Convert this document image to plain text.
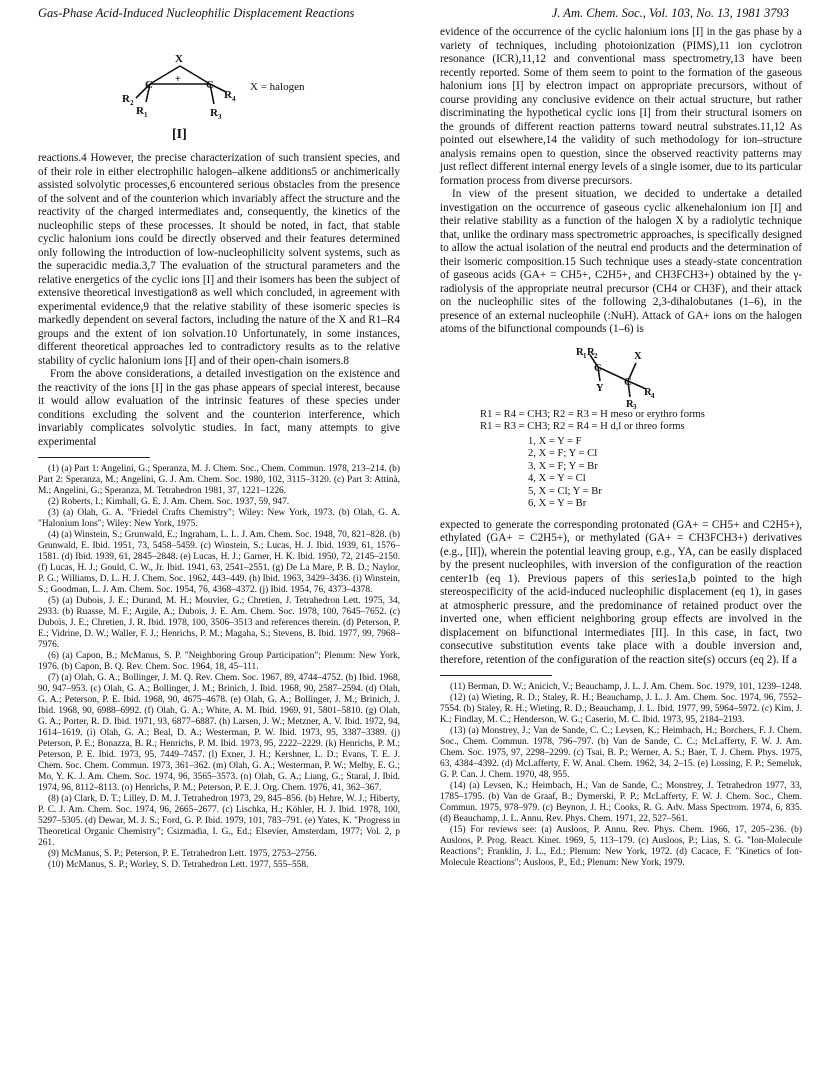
Gas-Phase Acid-Induced Nucleophilic Displacement Reactions	J. Am. Chem. Soc., Vol. 103, No. 13, 1981 3793
X
+
C	C
R 2
R 1
R 4
R 3
X = halogen
[I]

reactions.4 However, the precise characterization of such transient species, and of their role in either electrophilic halogen–alkene additions5 or anchimerically assisted solvolytic processes,6 encountered serious obstacles from the presence of the solvent and of the counterion which invariably affect the structure and the reactivity of the charged intermediates and, consequently, the kinetics of the nucleophilic steps of these processes. It should be noted, in fact, that stable cyclic halonium ions could be directly observed and their features determined only following the introduction of low-nucleophilicity solvent systems, such as the superacidic media.3,7 The evaluation of the structural parameters and the relative energetics of the cyclic ions [I] and their isomers has been the subject of extensive theoretical investigation8 as well which concluded, in agreement with experimental evidence,9 that the relative stability of these isomeric species is markedly dependent on several factors, including the nature of the X and R1–R4 groups and the extent of ion solvation.10 Unfortunately, in some instances, different theoretical approaches led to contradictory results as to the relative stability of cyclic halonium ions [I] and of their open-chain isomers.8

From the above considerations, a detailed investigation on the existence and the reactivity of the ions [I] in the gas phase appears of special interest, because it would allow evaluation of the intrinsic features of these species under conditions excluding the solvent and the counterion interference, which invariably complicates solvolytic studies. In fact, many attempts to give experimental

(1) (a) Part 1: Angelini, G.; Speranza, M. J. Chem. Soc., Chem. Commun. 1978, 213–214. (b) Part 2: Speranza, M.; Angelini, G. J. Am. Chem. Soc. 1980, 102, 3115–3120. (c) Part 3: Attinà, M.; Angelini, G.; Speranza, M. Tetrahedron 1981, 37, 1221–1226.
(2) Roberts, I.; Kimball, G. E. J. Am. Chem. Soc. 1937, 59, 947.
(3) (a) Olah, G. A. "Friedel Crafts Chemistry"; Wiley: New York, 1973. (b) Olah, G. A. "Halonium Ions"; Wiley: New York, 1975.
(4) (a) Winstein, S.; Grunwald, E.; Ingraham, L. L. J. Am. Chem. Soc. 1948, 70, 821–828. (b) Grunwald, E. Ibid. 1951, 73, 5458–5459. (c) Winstein, S.; Lucas, H. J. Ibid. 1939, 61, 1576–1581. (d) Ibid. 1939, 61, 2845–2848. (e) Lucas, H. J.; Garner, H. K. Ibid. 1950, 72, 2145–2150. (f) Lucas, H. J.; Gould, C. W., Jr. Ibid. 1941, 63, 2541–2551. (g) De La Mare, P. B. D.; Naylor, P. G.; Williams, D. L. H. J. Chem. Soc. 1962, 443–449. (h) Ibid. 1963, 3429–3436. (i) Winstein, S.; Goodman, L. J. Am. Chem. Soc. 1954, 76, 4368–4372. (j) Ibid. 1954, 76, 4373–4378.
(5) (a) Dubois, J. E.; Durand, M. H.; Mouvier, G.; Chretien, J. Tetrahedron Lett. 1975, 34, 2933. (b) Ruasse, M. F.; Argile, A.; Dubois, J. E. Am. Chem. Soc. 1978, 100, 7645–7652. (c) Dubois, J. E.; Chretien, J. R. Ibid. 1978, 100, 3506–3513 and references therein. (d) Peterson, P. E.; Vidrine, D. W.; Waller, F. J.; Henrichs, P. M.; Magaha, S.; Stevens, B. Ibid. 1977, 99, 7968–7976.
(6) (a) Capon, B.; McManus, S. P. "Neighboring Group Participation"; Plenum: New York, 1976. (b) Capon, B. Q. Rev. Chem. Soc. 1964, 18, 45–111.
(7) (a) Olah, G. A.; Bollinger, J. M. Q. Rev. Chem. Soc. 1967, 89, 4744–4752. (b) Ibid. 1968, 90, 947–953. (c) Olah, G. A.; Bollinger, J. M.; Brinich, J. Ibid. 1968, 90, 2587–2594. (d) Olah, G. A.; Peterson, P. E. Ibid. 1968, 90, 4675–4678. (e) Olah, G. A.; Bollinger, J. M.; Brinich, J. Ibid. 1968, 90, 6988–6992. (f) Olah, G. A.; White, A. M. Ibid. 1969, 91, 5801–5810. (g) Olah, G. A.; Porter, R. D. Ibid. 1971, 93, 6877–6887. (h) Larsen, J. W.; Metzner, A. V. Ibid. 1972, 94, 1614–1619. (i) Olah, G. A.; Beal, D. A.; Westerman, P. W. Ibid. 1973, 95, 3387–3389. (j) Peterson, P. E.; Bonazza, B. R.; Henrichs, P. M. Ibid. 1973, 95, 2222–2229. (k) Henrichs, P. M.; Peterson, P. E. Ibid. 1973, 95, 7449–7457. (l) Exner, J. H.; Kershner, L. D.; Evans, T. E. J. Chem. Soc. Chem. Commun. 1973, 361–362. (m) Olah, G. A.; Westerman, P. W.; Melby, E. G.; Mo, Y. K. J. Am. Chem. Soc. 1974, 96, 3565–3573. (n) Olah, G. A.; Liang, G.; Staral, J. Ibid. 1974, 96, 8112–8113. (o) Henrichs, P. M.; Peterson, P. E. J. Org. Chem. 1976, 41, 362–367.
(8) (a) Clark, D. T.; Lilley, D. M. J. Tetrahedron 1973, 29, 845–856. (b) Hehre, W. J.; Hiberty, P. C. J. Am. Chem. Soc. 1974, 96, 2665–2677. (c) Lischka, H.; Köhler, H. J. Ibid. 1978, 100, 5297–5305. (d) Dewar, M. J. S.; Ford, G. P. Ibid. 1979, 101, 783–791. (e) Yates, K. "Progress in Theoretical Organic Chemistry"; Csizmadia, I. G., Ed.; Elsevier, Amsterdam, 1977; Vol. 2, p 261.
(9) McManus, S. P.; Peterson, P. E. Tetrahedron Lett. 1975, 2753–2756.
(10) McManus, S. P.; Worley, S. D. Tetrahedron Lett. 1977, 555–558.

evidence of the occurrence of the cyclic halonium ions [I] in the gas phase by a variety of techniques, including photoionization (PIMS),11 ion cyclotron resonance (ICR),11,12 and conventional mass spectrometry,13 have been recently reported. Some of them seem to point to the formation of the gaseous halonium ions [I] by electron impact on appropriate precursors, without of course providing any conclusive evidence on their actual structure, but rather discriminating the hypothetical cyclic ions [I] from their structural isomers on the grounds of different reaction patterns toward neutral substrates.11,12 As pointed out elsewhere,14 the validity of such methodology for ion–structure analysis remains open to question, since the observed reactivity patterns may just reflect different internal energy levels of a single isomer, due to its particular formation process from diverse precursors.

In view of the present situation, we decided to undertake a detailed investigation on the occurrence of gaseous cyclic alkenehalonium ion [I] and their relative stability as a function of the halogen X by a radiolytic technique that, unlike the ordinary mass spectrometric approaches, is specifically designed to allow the actual isolation of the neutral end products and the determination of their isomeric composition.15 Such technique uses a steady-state concentration of gaseous acids (GA+ = CH5+, C2H5+, and CH3FCH3+) obtained by the γ-radiolysis of the appropriate neutral precursor (CH4 or CH3F), and their attack on the nucleophilic sites of the following 2,3-dihalobutanes (1–6), in the presence of an external nucleophile (:NuH). Attack of GA+ ions on the halogen atoms of the bifunctional compounds (1–6) is

R 1 R 2
C
Y
C
X
R 4
R 3
R1 = R4 = CH3; R2 = R3 = H meso or erythro forms
R1 = R3 = CH3; R2 = R4 = H d,l or threo forms
1, X = Y = F
2, X = F; Y = Cl
3, X = F; Y = Br
4, X = Y = Cl
5, X = Cl; Y = Br
6, X = Y = Br

expected to generate the corresponding protonated (GA+ = CH5+ and C2H5+), ethylated (GA+ = C2H5+), or methylated (GA+ = CH3FCH3+) derivatives (e.g., [II]), wherein the potential leaving group, e.g., YA, can be easily displaced by the present nucleophiles, with inversion of the configuration of the reaction center1b (eq 1). Previous papers of this series1a,b pointed to the high stereospecificity of the acid-induced nucleophilic displacement (eq 1), in gases at atmospheric pressure, and the predominance of retained product over the inverted one, when efficient neighboring group effects are involved in the displacement on bifunctional intermediates [II]. In this case, in fact, two consecutive substitution events take place with a double inversion and, therefore, retention of the configuration of the reaction site(s) occurs (eq 2). If a

(11) Berman, D. W.; Anicich, V.; Beauchamp, J. L. J. Am. Chem. Soc. 1979, 101, 1239–1248.
(12) (a) Wieting, R. D.; Staley, R. H.; Beauchamp, J. L. J. Am. Chem. Soc. 1974, 96, 7552–7554. (b) Staley, R. H.; Wieting, R. D.; Beauchamp, J. L. Ibid. 1977, 99, 5964–5972. (c) Kim, J. K.; Findlay, M. C.; Henderson, W. G.; Caserio, M. C. Ibid. 1973, 95, 2184–2193.
(13) (a) Monstrey, J.; Van de Sande, C. C.; Levsen, K.; Heimbach, H.; Borchers, F. J. Chem. Soc., Chem. Commun. 1978, 796–797. (b) Van de Sande, C. C.; McLafferty, F. W. J. Am. Chem. Soc. 1975, 97, 2298–2299. (c) Tsai, B. P.; Werner, A. S.; Baer, T. J. Chem. Phys. 1975, 63, 4384–4392. (d) McLafferty, F. W. Anal. Chem. 1962, 34, 2–15. (e) Lossing, F. P.; Semeluk, G. P. Can. J. Chem. 1970, 48, 955.
(14) (a) Levsen, K.; Heimbach, H.; Van de Sande, C.; Monstrey, J. Tetrahedron 1977, 33, 1785–1795. (b) Van de Graaf, B.; Dymerski, P. P.; McLafferty, F. W. J. Chem. Soc., Chem. Commun. 1975, 978–979. (c) Beynon, J. H.; Cooks, R. G. Adv. Mass Spectrom. 1974, 6, 835. (d) Beauchamp, J. L. Annu. Rev. Phys. Chem. 1971, 22, 527–561.
(15) For reviews see: (a) Ausloos, P. Annu. Rev. Phys. Chem. 1966, 17, 205–236. (b) Ausloos, P. Prog. React. Kinet. 1969, 5, 113–179. (c) Ausloos, P.; Lias, S. G. "Ion-Molecule Reactions"; Franklin, J. L., Ed.; Plenum: New York, 1972. (d) Cacace, F. "Kinetics of Ion-Molecule Reactions"; Ausloos, P., Ed.; Plenum: New York, 1979.
